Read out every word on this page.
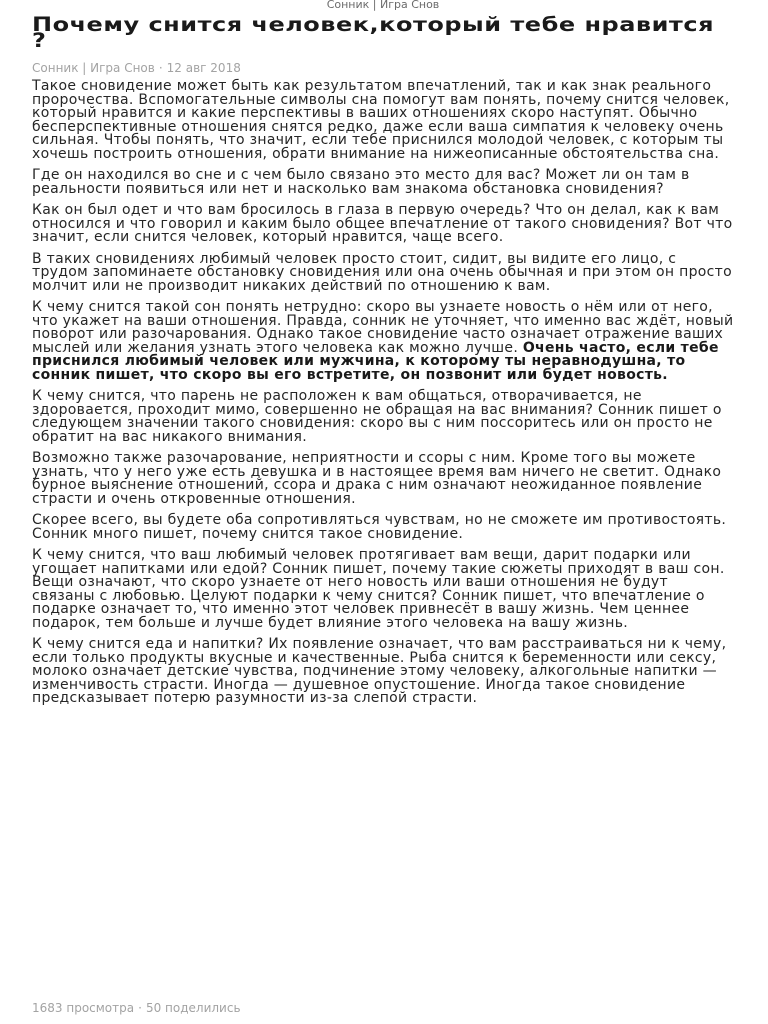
Сонник | Игра Снов
Почему снится человек,который тебе нравится ?
Сонник | Игра Снов · 12 авг 2018

Такое сновидение может быть как результатом впечатлений, так и как знак реального пророчества. Вспомогательные символы сна помогут вам понять, почему снится человек, который нравится и какие перспективы в ваших отношениях скоро наступят. Обычно бесперспективные отношения снятся редко, даже если ваша симпатия к человеку очень сильная. Чтобы понять, что значит, если тебе приснился молодой человек, с которым ты хочешь построить отношения, обрати внимание на нижеописанные обстоятельства сна.

Где он находился во сне и с чем было связано это место для вас? Может ли он там в реальности появиться или нет и насколько вам знакома обстановка сновидения?

Как он был одет и что вам бросилось в глаза в первую очередь? Что он делал, как к вам относился и что говорил и каким было общее впечатление от такого сновидения? Вот что значит, если снится человек, который нравится, чаще всего.

В таких сновидениях любимый человек просто стоит, сидит, вы видите его лицо, с трудом запоминаете обстановку сновидения или она очень обычная и при этом он просто молчит или не производит никаких действий по отношению к вам.

К чему снится такой сон понять нетрудно: скоро вы узнаете новость о нём или от него, что укажет на ваши отношения. Правда, сонник не уточняет, что именно вас ждёт, новый поворот или разочарования. Однако такое сновидение часто означает отражение ваших мыслей или желания узнать этого человека как можно лучше. Очень часто, если тебе приснился любимый человек или мужчина, к которому ты неравнодушна, то сонник пишет, что скоро вы его встретите, он позвонит или будет новость.

К чему снится, что парень не расположен к вам общаться, отворачивается, не здоровается, проходит мимо, совершенно не обращая на вас внимания? Сонник пишет о следующем значении такого сновидения: скоро вы с ним поссоритесь или он просто не обратит на вас никакого внимания.

Возможно также разочарование, неприятности и ссоры с ним. Кроме того вы можете узнать, что у него уже есть девушка и в настоящее время вам ничего не светит. Однако бурное выяснение отношений, ссора и драка с ним означают неожиданное появление страсти и очень откровенные отношения.

Скорее всего, вы будете оба сопротивляться чувствам, но не сможете им противостоять. Сонник много пишет, почему снится такое сновидение.

К чему снится, что ваш любимый человек протягивает вам вещи, дарит подарки или угощает напитками или едой? Сонник пишет, почему такие сюжеты приходят в ваш сон. Вещи означают, что скоро узнаете от него новость или ваши отношения не будут связаны с любовью. Целуют подарки к чему снится? Сонник пишет, что впечатление о подарке означает то, что именно этот человек привнесёт в вашу жизнь. Чем ценнее подарок, тем больше и лучше будет влияние этого человека на вашу жизнь.

К чему снится еда и напитки? Их появление означает, что вам расстраиваться ни к чему, если только продукты вкусные и качественные. Рыба снится к беременности или сексу, молоко означает детские чувства, подчинение этому человеку, алкогольные напитки — изменчивость страсти. Иногда — душевное опустошение. Иногда такое сновидение предсказывает потерю разумности из-за слепой страсти.

1683 просмотра · 50 поделились
